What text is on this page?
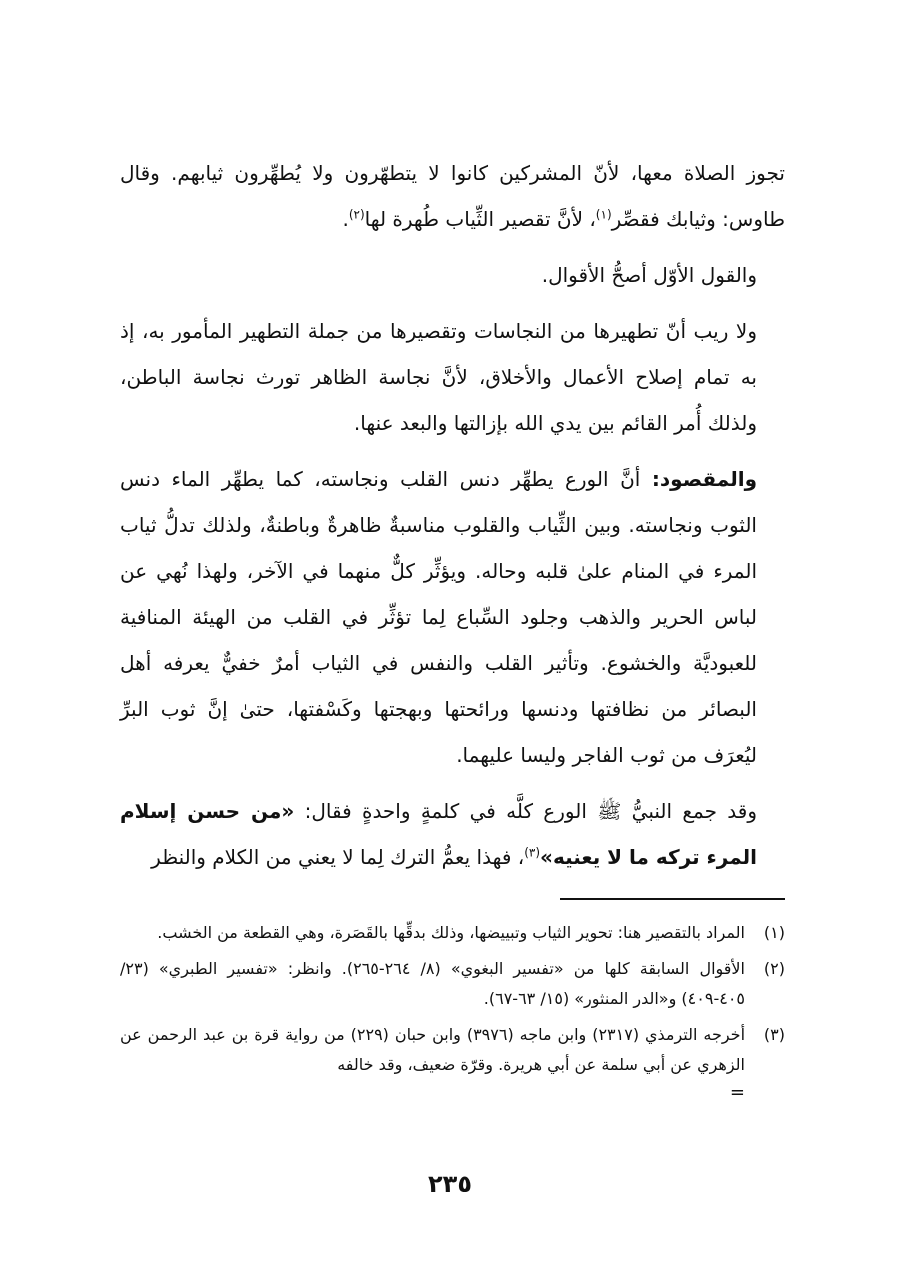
تجوز الصلاة معها، لأنّ المشركين كانوا لا يتطهّرون ولا يُطهِّرون ثيابهم. وقال طاوس: وثيابك فقصِّر$^{(١)}$، لأنَّ تقصير الثِّياب طُهرة لها$^{(٢)}$.

والقول الأوّل أصحُّ الأقوال.

ولا ريب أنّ تطهيرها من النجاسات وتقصيرها من جملة التطهير المأمور به، إذ به تمام إصلاح الأعمال والأخلاق، لأنَّ نجاسة الظاهر تورث نجاسة الباطن، ولذلك أُمر القائم بين يدي الله بإزالتها والبعد عنها.

والمقصود: أنَّ الورع يطهِّر دنس القلب ونجاسته، كما يطهِّر الماء دنس الثوب ونجاسته. وبين الثِّياب والقلوب مناسبةٌ ظاهرةٌ وباطنةٌ، ولذلك تدلُّ ثياب المرء في المنام علىٰ قلبه وحاله. ويؤثِّر كلٌّ منهما في الآخر، ولهذا نُهي عن لباس الحرير والذهب وجلود السِّباع لِما تؤثِّر في القلب من الهيئة المنافية للعبوديَّة والخشوع. وتأثير القلب والنفس في الثياب أمرٌ خفيٌّ يعرفه أهل البصائر من نظافتها ودنسها ورائحتها وبهجتها وكَسْفتها، حتىٰ إنَّ ثوب البرِّ ليُعرَف من ثوب الفاجر وليسا عليهما.

وقد جمع النبيُّ ﷺ الورع كلَّه في كلمةٍ واحدةٍ فقال: «من حسن إسلام المرء تركه ما لا يعنيه»$^{(٣)}$، فهذا يعمُّ الترك لِما لا يعني من الكلام والنظر

(١)
المراد بالتقصير هنا: تحوير الثياب وتبييضها، وذلك بدقِّها بالقَصَرة، وهي القطعة من الخشب.
(٢)
الأقوال السابقة كلها من «تفسير البغوي» (٨/ ٢٦٤-٢٦٥). وانظر: «تفسير الطبري» (٢٣/ ٤٠٥-٤٠٩) و«الدر المنثور» (١٥/ ٦٣-٦٧).
(٣)
أخرجه الترمذي (٢٣١٧) وابن ماجه (٣٩٧٦) وابن حبان (٢٢٩) من رواية قرة بن عبد الرحمن عن الزهري عن أبي سلمة عن أبي هريرة. وقرّة ضعيف، وقد خالفه
=
٢٣٥
